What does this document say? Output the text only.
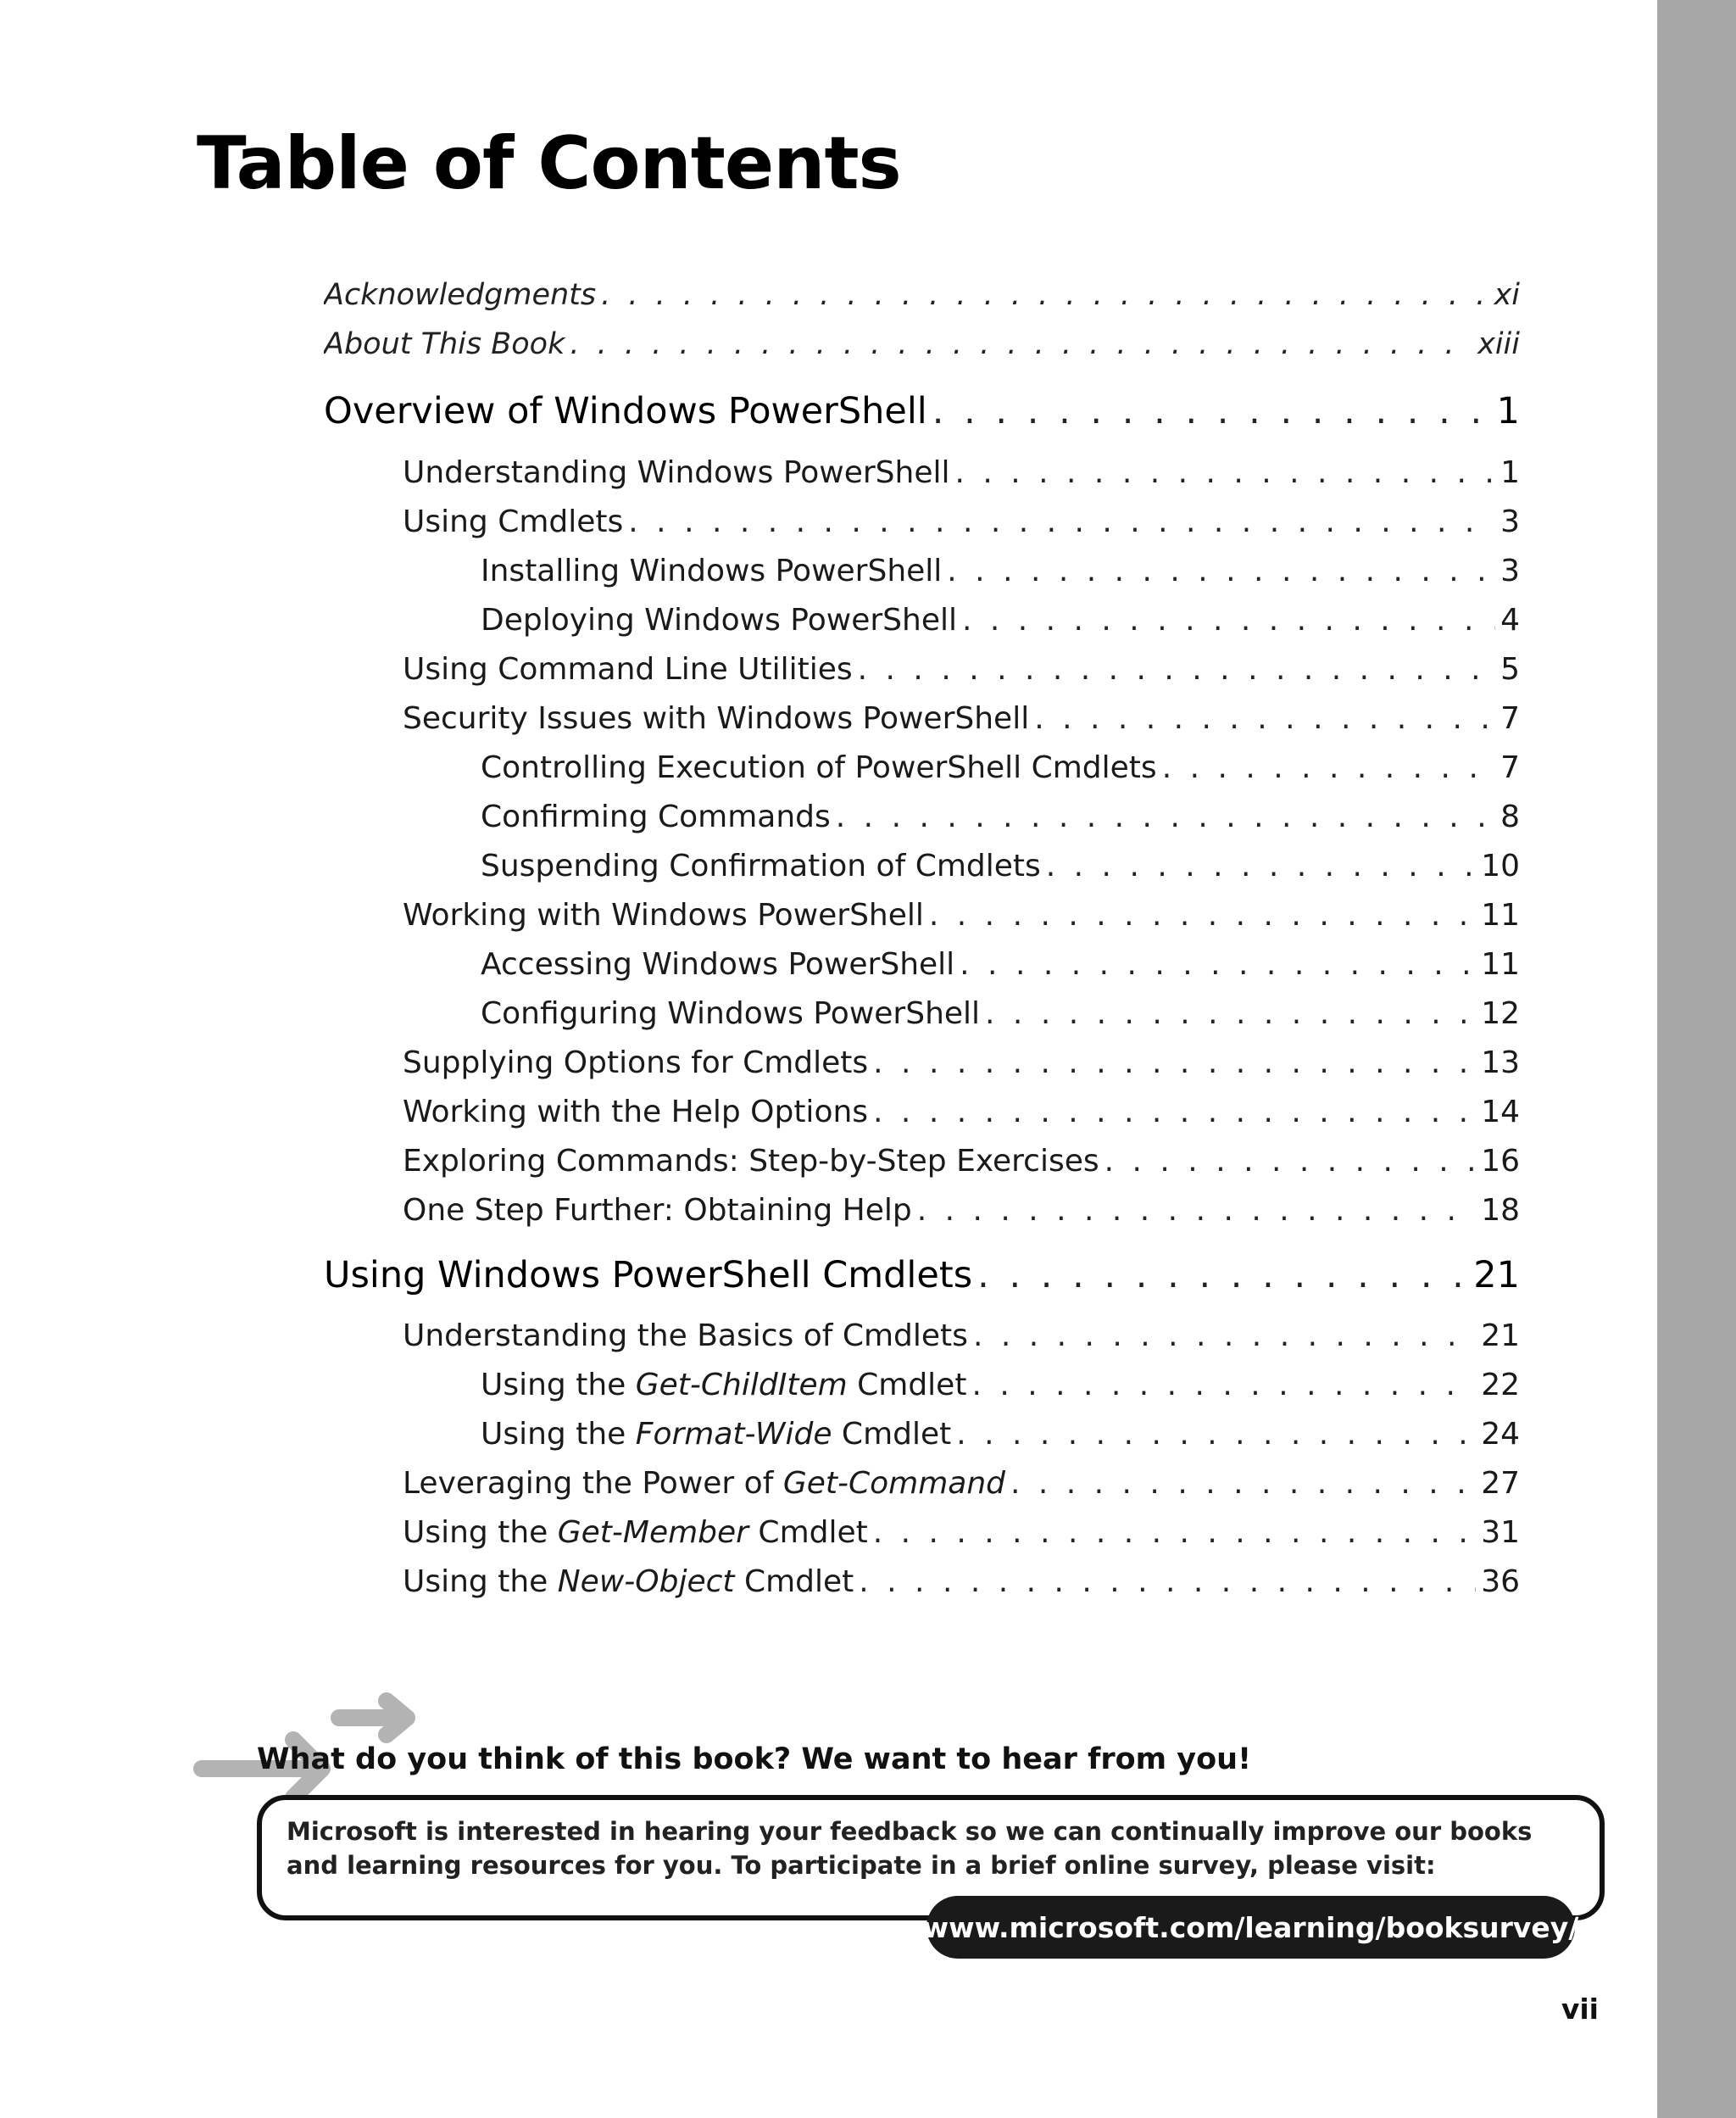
Table of Contents
Acknowledgments . . .	xi
About This Book . . .	xiii
Overview of Windows PowerShell . . .	1
Understanding Windows PowerShell . . .	1
Using Cmdlets . . .	3
Installing Windows PowerShell . . .	3
Deploying Windows PowerShell . . .	4
Using Command Line Utilities . . .	5
Security Issues with Windows PowerShell . . .	7
Controlling Execution of PowerShell Cmdlets . . .	7
Confirming Commands . . .	8
Suspending Confirmation of Cmdlets . . .	10
Working with Windows PowerShell . . .	11
Accessing Windows PowerShell . . .	11
Configuring Windows PowerShell . . .	12
Supplying Options for Cmdlets . . .	13
Working with the Help Options . . .	14
Exploring Commands: Step-by-Step Exercises . . .	16
One Step Further: Obtaining Help . . .	18
Using Windows PowerShell Cmdlets . . .	21
Understanding the Basics of Cmdlets . . .	21
Using the Get-ChildItem Cmdlet . . .	22
Using the Format-Wide Cmdlet . . .	24
Leveraging the Power of Get-Command . . .	27
Using the Get-Member Cmdlet . . .	31
Using the New-Object Cmdlet . . .	36
What do you think of this book? We want to hear from you!

Microsoft is interested in hearing your feedback so we can continually improve our books and learning resources for you. To participate in a brief online survey, please visit:

www.microsoft.com/learning/booksurvey/
vii
